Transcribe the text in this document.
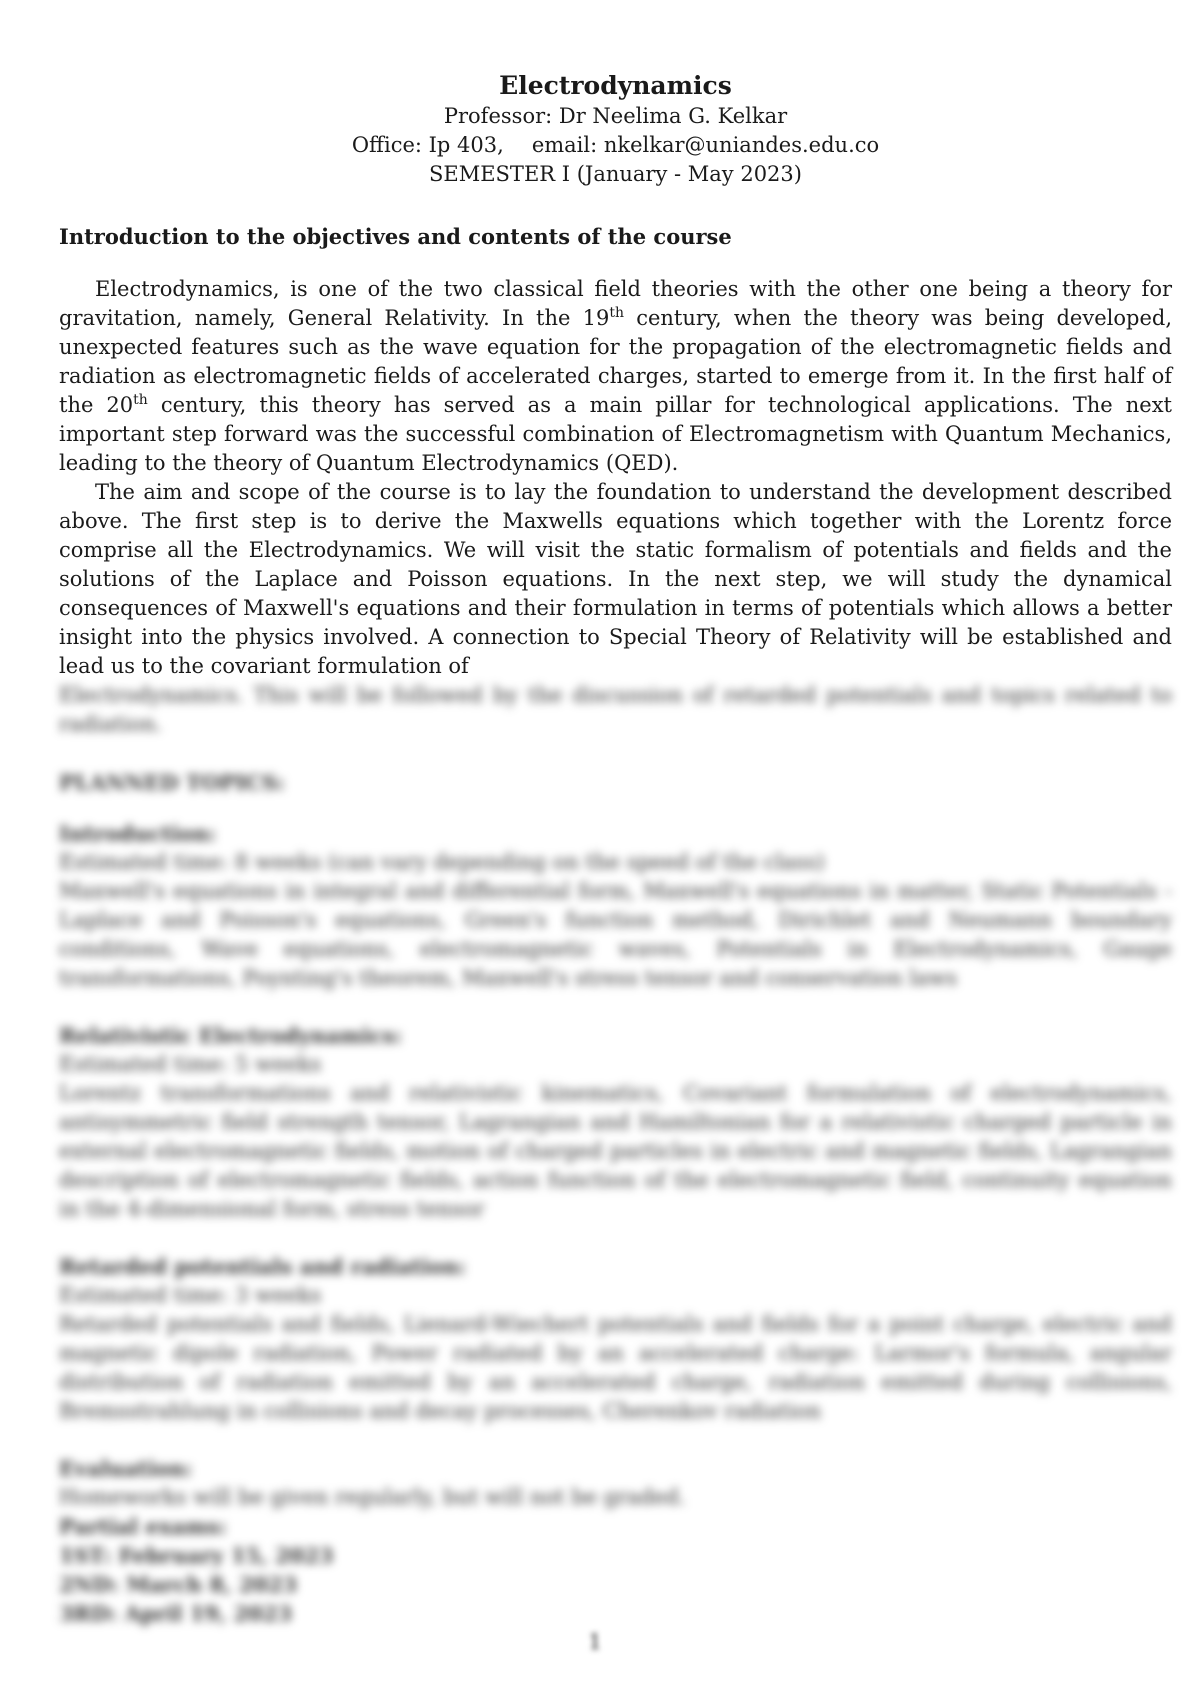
Electrodynamics
Professor: Dr Neelima G. Kelkar
Office: Ip 403, email: nkelkar@uniandes.edu.co
SEMESTER I (January - May 2023)
Introduction to the objectives and contents of the course

Electrodynamics, is one of the two classical field theories with the other one being a theory for gravitation, namely, General Relativity. In the 19th century, when the theory was being developed, unexpected features such as the wave equation for the propagation of the electromagnetic fields and radiation as electromagnetic fields of accelerated charges, started to emerge from it. In the first half of the 20th century, this theory has served as a main pillar for technological applications. The next important step forward was the successful combination of Electromagnetism with Quantum Mechanics, leading to the theory of Quantum Electrodynamics (QED).

The aim and scope of the course is to lay the foundation to understand the development described above. The first step is to derive the Maxwells equations which together with the Lorentz force comprise all the Electrodynamics. We will visit the static formalism of potentials and fields and the solutions of the Laplace and Poisson equations. In the next step, we will study the dynamical consequences of Maxwell's equations and their formulation in terms of potentials which allows a better insight into the physics involved. A connection to Special Theory of Relativity will be established and lead us to the covariant formulation of

Electrodynamics. This will be followed by the discussion of retarded potentials and topics related to radiation.

PLANNED TOPICS:
Introduction:
Estimated time: 8 weeks (can vary depending on the speed of the class)
Maxwell's equations in integral and differential form, Maxwell's equations in matter, Static Potentials - Laplace and Poisson's equations, Green's function method, Dirichlet and Neumann boundary conditions, Wave equations, electromagnetic waves, Potentials in Electrodynamics, Gauge transformations, Poynting's theorem, Maxwell's stress tensor and conservation laws
Relativistic Electrodynamics:
Estimated time: 5 weeks
Lorentz transformations and relativistic kinematics, Covariant formulation of electrodynamics, antisymmetric field strength tensor, Lagrangian and Hamiltonian for a relativistic charged particle in external electromagnetic fields, motion of charged particles in electric and magnetic fields, Lagrangian description of electromagnetic fields, action function of the electromagnetic field, continuity equation in the 4-dimensional form, stress tensor
Retarded potentials and radiation:
Estimated time: 3 weeks
Retarded potentials and fields, Lienard-Wiechert potentials and fields for a point charge, electric and magnetic dipole radiation, Power radiated by an accelerated charge: Larmor's formula, angular distribution of radiation emitted by an accelerated charge, radiation emitted during collisions, Bremsstrahlung in collisions and decay processes, Cherenkov radiation
Evaluation:
Homeworks will be given regularly, but will not be graded.
Partial exams:
1ST: February 15, 2023
2ND: March 8, 2023
3RD: April 19, 2023
1
